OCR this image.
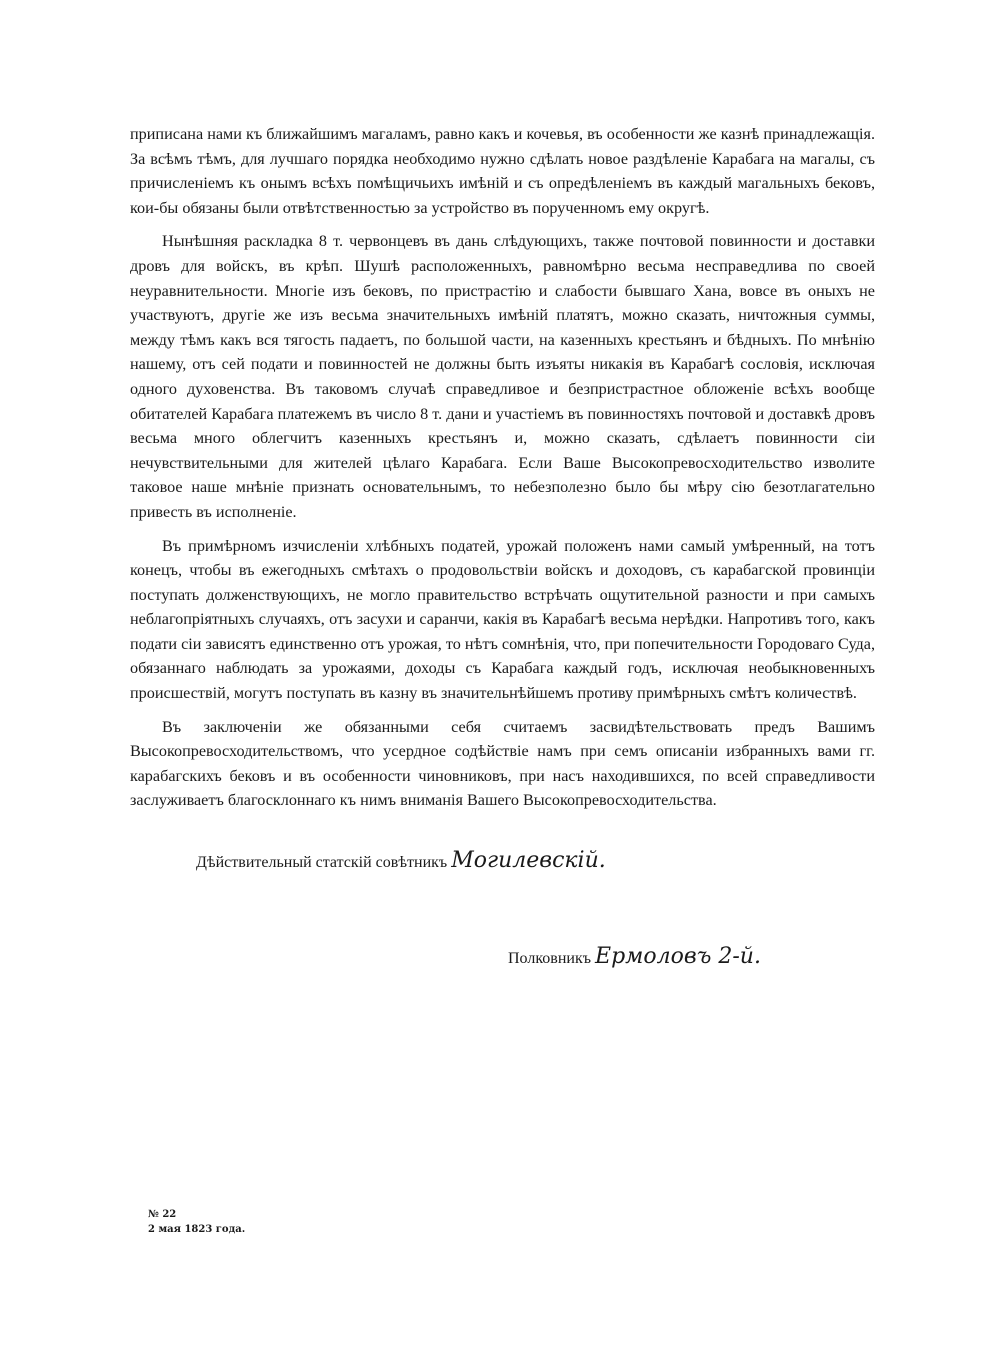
приписана нами къ ближайшимъ магаламъ, равно какъ и кочевья, въ особенности же казнѣ принадлежащія. За всѣмъ тѣмъ, для лучшаго порядка необходимо нужно сдѣлать новое раздѣленіе Карабага на магалы, съ причисленіемъ къ онымъ всѣхъ помѣщичьихъ имѣній и съ опредѣленіемъ въ каждый магальныхъ бековъ, кои-бы обязаны были отвѣтственностью за устройство въ порученномъ ему округѣ.

Нынѣшняя раскладка 8 т. червонцевъ въ дань слѣдующихъ, также почтовой повинности и доставки дровъ для войскъ, въ крѣп. Шушѣ расположенныхъ, равномѣрно весьма несправедлива по своей неуравнительности. Многіе изъ бековъ, по пристрастію и слабости бывшаго Хана, вовсе въ оныхъ не участвуютъ, другіе же изъ весьма значительныхъ имѣній платятъ, можно сказать, ничтожныя суммы, между тѣмъ какъ вся тягость падаетъ, по большой части, на казенныхъ крестьянъ и бѣдныхъ. По мнѣнію нашему, отъ сей подати и повинностей не должны быть изъяты никакія въ Карабагѣ сословія, исключая одного духовенства. Въ таковомъ случаѣ справедливое и безпристрастное обложеніе всѣхъ вообще обитателей Карабага платежемъ въ число 8 т. дани и участіемъ въ повинностяхъ почтовой и доставкѣ дровъ весьма много облегчитъ казенныхъ крестьянъ и, можно сказать, сдѣлаетъ повинности сіи нечувствительными для жителей цѣлаго Карабага. Если Ваше Высокопревосходительство изволите таковое наше мнѣніе признать основательнымъ, то небезполезно было бы мѣру сію безотлагательно привесть въ исполненіе.

Въ примѣрномъ изчисленіи хлѣбныхъ податей, урожай положенъ нами самый умѣренный, на тотъ конецъ, чтобы въ ежегодныхъ смѣтахъ о продовольствіи войскъ и доходовъ, съ карабагской провинціи поступать долженствующихъ, не могло правительство встрѣчать ощутительной разности и при самыхъ неблагопріятныхъ случаяхъ, отъ засухи и саранчи, какія въ Карабагѣ весьма нерѣдки. Напротивъ того, какъ подати сіи зависятъ единственно отъ урожая, то нѣтъ сомнѣнія, что, при попечительности Городоваго Суда, обязаннаго наблюдать за урожаями, доходы съ Карабага каждый годъ, исключая необыкновенныхъ происшествій, могутъ поступать въ казну въ значительнѣйшемъ противу примѣрныхъ смѣтъ количествѣ.

Въ заключеніи же обязанными себя считаемъ засвидѣтельствовать предъ Вашимъ Высокопревосходительствомъ, что усердное содѣйствіе намъ при семъ описаніи избранныхъ вами гг. карабагскихъ бековъ и въ особенности чиновниковъ, при насъ находившихся, по всей справедливости заслуживаетъ благосклоннаго къ нимъ вниманія Вашего Высокопревосходительства.

Дѣйствительный статскій совѣтникъ Могилевскій.
Полковникъ Ермоловъ 2-й.
№ 22
2 мая 1823 года.
